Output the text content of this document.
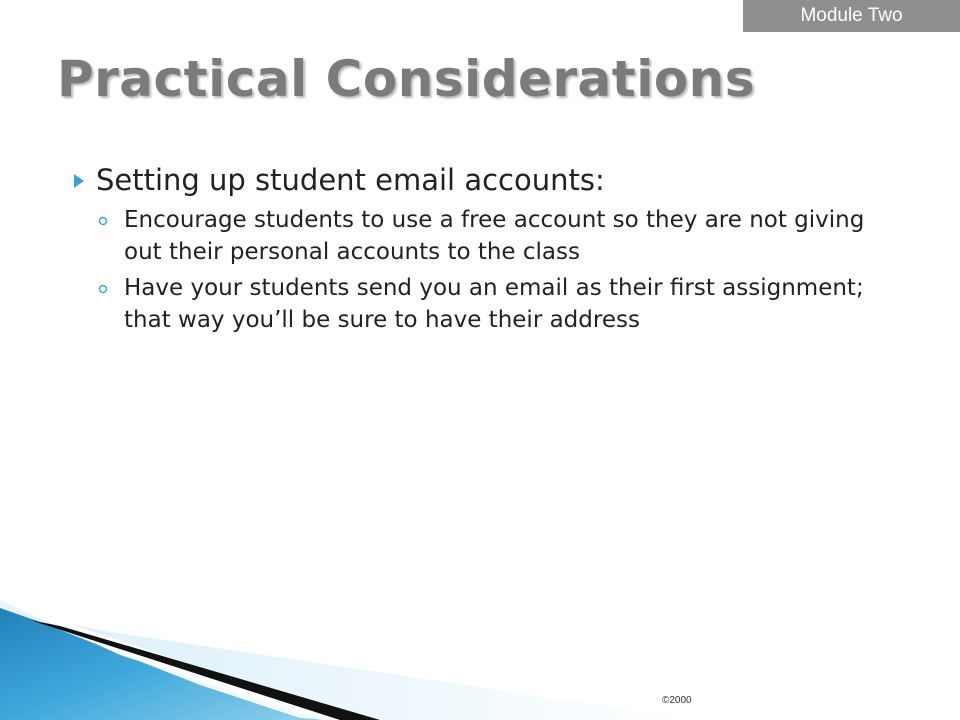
Module Two
Practical Considerations
Setting up student email accounts:
Encourage students to use a free account so they are not giving out their personal accounts to the class
Have your students send you an email as their first assignment; that way you’ll be sure to have their address
©2000
